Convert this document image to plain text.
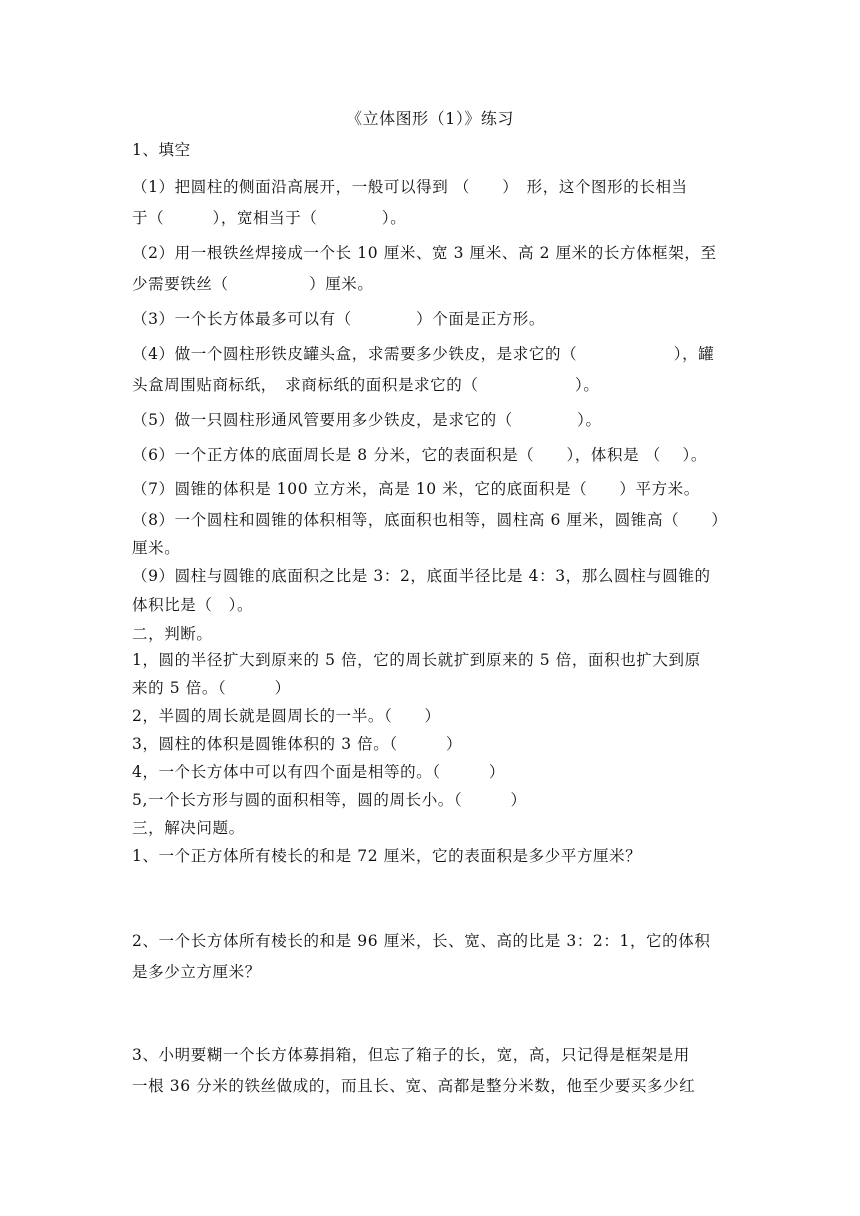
《立体图形（1）》练习
1、填空
（1）把圆柱的侧面沿高展开，一般可以得到 （　　）　形，这个图形的长相当
于（　　　），宽相当于（　　　　）。
（2）用一根铁丝焊接成一个长 10 厘米、宽 3 厘米、高 2 厘米的长方体框架，至
少需要铁丝（　　　　　）厘米。
（3）一个长方体最多可以有（　　　　）个面是正方形。
（4）做一个圆柱形铁皮罐头盒，求需要多少铁皮，是求它的（　　　　　　），罐
头盒周围贴商标纸，　求商标纸的面积是求它的（　　　　　　）。
（5）做一只圆柱形通风管要用多少铁皮，是求它的（　　　　）。
（6）一个正方体的底面周长是 8 分米，它的表面积是（　　），体积是 （　 ）。
（7）圆锥的体积是 100 立方米，高是 10 米，它的底面积是（　　）平方米。
（8）一个圆柱和圆锥的体积相等，底面积也相等，圆柱高 6 厘米，圆锥高（　　）
厘米。
（9）圆柱与圆锥的底面积之比是 3：2，底面半径比是 4：3，那么圆柱与圆锥的
体积比是（　）。
二，判断。
1，圆的半径扩大到原来的 5 倍，它的周长就扩到原来的 5 倍，面积也扩大到原
来的 5 倍。（　　　）
2，半圆的周长就是圆周长的一半。（　　）
3，圆柱的体积是圆锥体积的 3 倍。（　　　）
4，一个长方体中可以有四个面是相等的。（　　　）
5,一个长方形与圆的面积相等，圆的周长小。（　　　）
三，解决问题。
1、一个正方体所有棱长的和是 72 厘米，它的表面积是多少平方厘米？
2、一个长方体所有棱长的和是 96 厘米，长、宽、高的比是 3：2：1，它的体积
是多少立方厘米？
3、小明要糊一个长方体募捐箱，但忘了箱子的长，宽，高，只记得是框架是用
一根 36 分米的铁丝做成的，而且长、宽、高都是整分米数，他至少要买多少红
